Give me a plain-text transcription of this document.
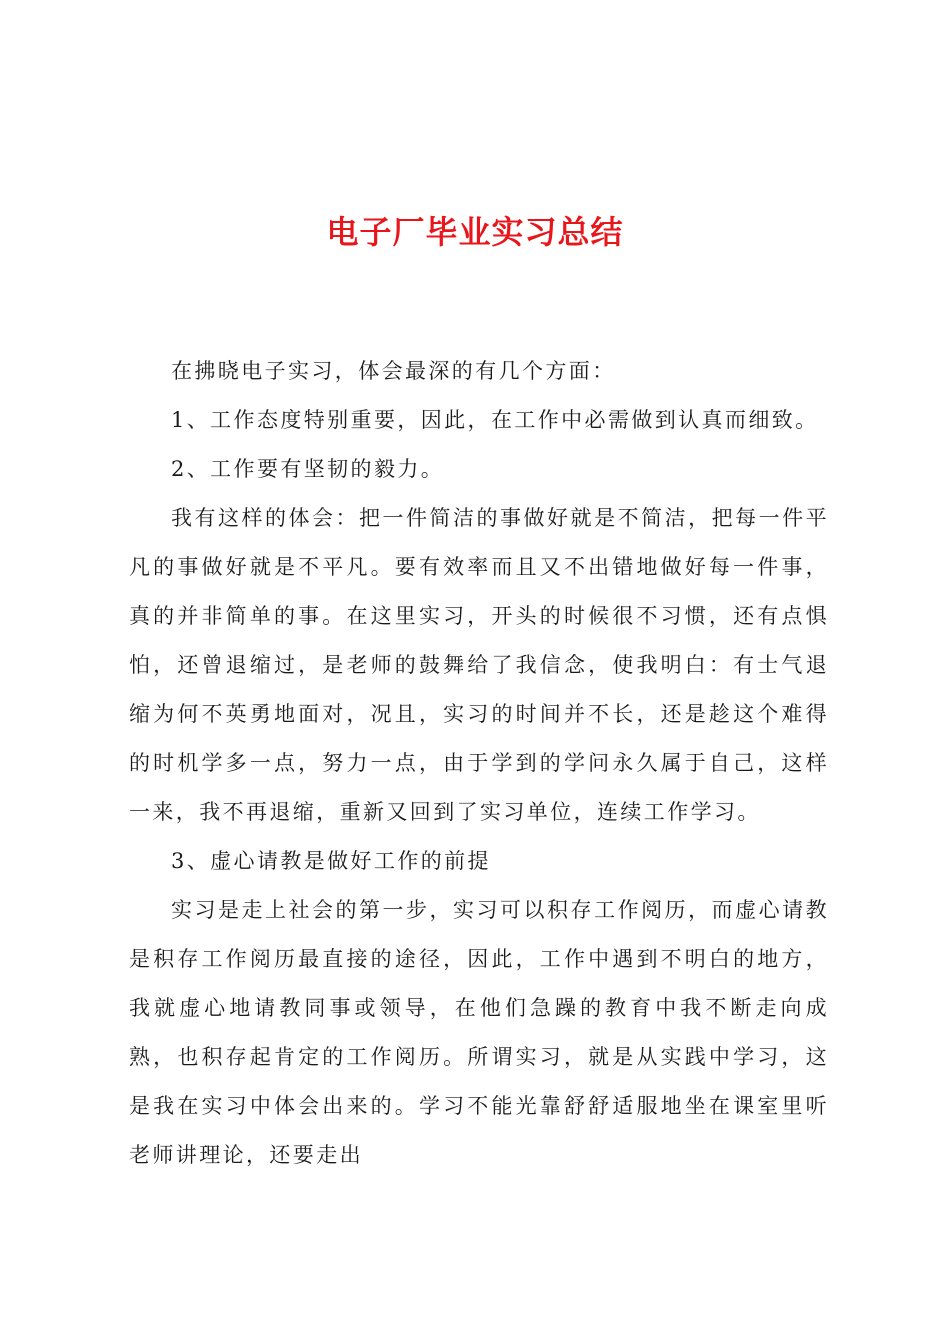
电子厂毕业实习总结

在拂晓电子实习，体会最深的有几个方面：

1、工作态度特别重要，因此，在工作中必需做到认真而细致。

2、工作要有坚韧的毅力。

我有这样的体会：把一件简洁的事做好就是不简洁，把每一件平凡的事做好就是不平凡。要有效率而且又不出错地做好每一件事，真的并非简单的事。在这里实习，开头的时候很不习惯，还有点惧怕，还曾退缩过，是老师的鼓舞给了我信念，使我明白：有士气退缩为何不英勇地面对，况且，实习的时间并不长，还是趁这个难得的时机学多一点，努力一点，由于学到的学问永久属于自己，这样一来，我不再退缩，重新又回到了实习单位，连续工作学习。

3、虚心请教是做好工作的前提

实习是走上社会的第一步，实习可以积存工作阅历，而虚心请教是积存工作阅历最直接的途径，因此，工作中遇到不明白的地方，我就虚心地请教同事或领导，在他们急躁的教育中我不断走向成熟，也积存起肯定的工作阅历。所谓实习，就是从实践中学习，这是我在实习中体会出来的。学习不能光靠舒舒适服地坐在课室里听老师讲理论，还要走出
